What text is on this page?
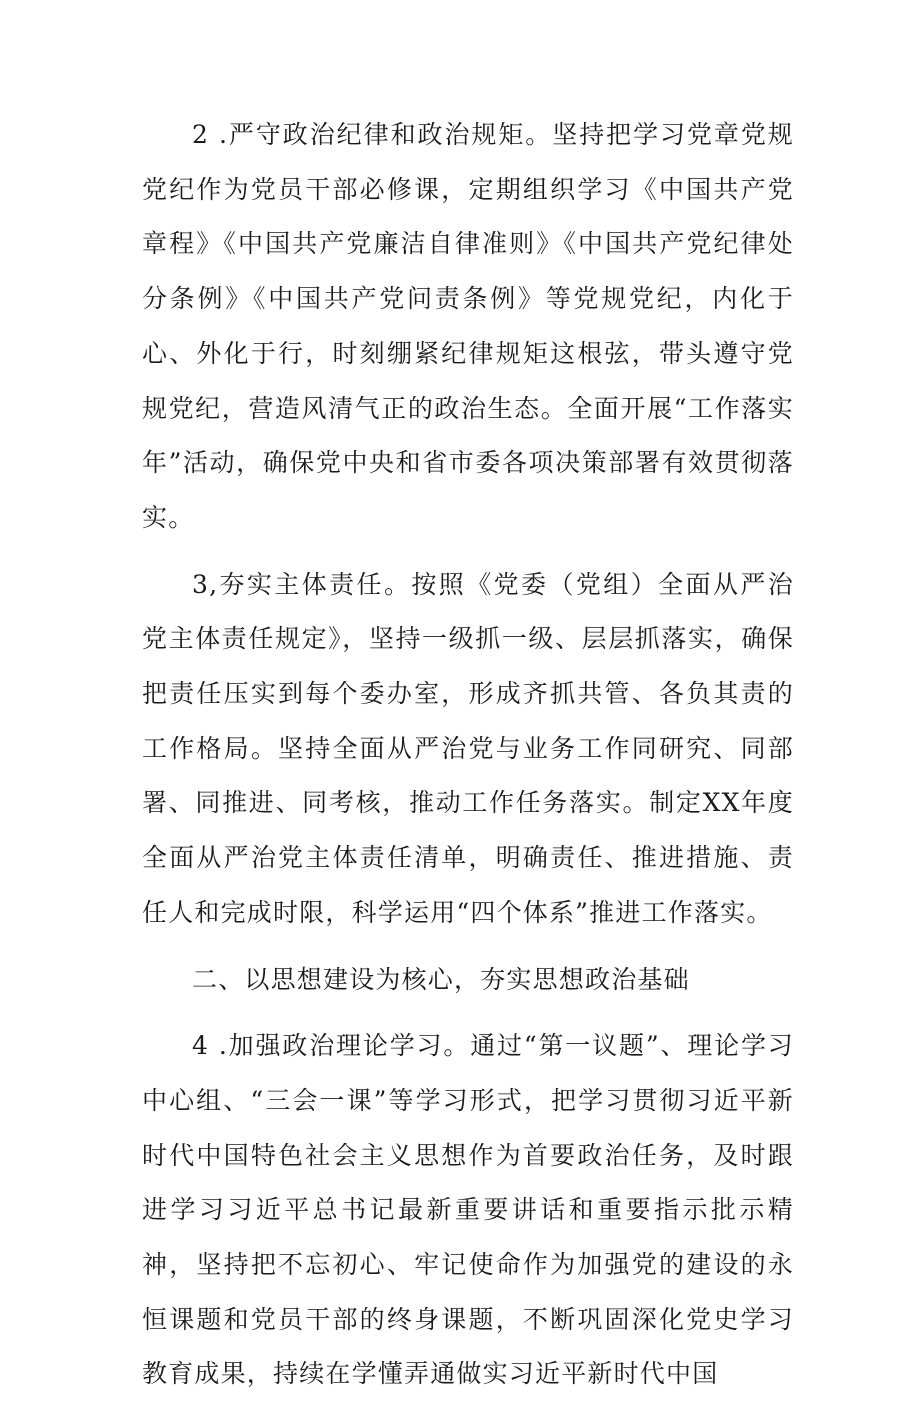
2 .严守政治纪律和政治规矩。坚持把学习党章党规党纪作为党员干部必修课，定期组织学习《中国共产党章程》《中国共产党廉洁自律准则》《中国共产党纪律处分条例》《中国共产党问责条例》等党规党纪，内化于心、外化于行，时刻绷紧纪律规矩这根弦，带头遵守党规党纪，营造风清气正的政治生态。全面开展“工作落实年”活动，确保党中央和省市委各项决策部署有效贯彻落实。

3,夯实主体责任。按照《党委（党组）全面从严治党主体责任规定》，坚持一级抓一级、层层抓落实，确保把责任压实到每个委办室，形成齐抓共管、各负其责的工作格局。坚持全面从严治党与业务工作同研究、同部署、同推进、同考核，推动工作任务落实。制定XX年度全面从严治党主体责任清单，明确责任、推进措施、责任人和完成时限，科学运用“四个体系”推进工作落实。

二、以思想建设为核心，夯实思想政治基础

4 .加强政治理论学习。通过“第一议题”、理论学习中心组、“三会一课”等学习形式，把学习贯彻习近平新时代中国特色社会主义思想作为首要政治任务，及时跟进学习习近平总书记最新重要讲话和重要指示批示精神，坚持把不忘初心、牢记使命作为加强党的建设的永恒课题和党员干部的终身课题，不断巩固深化党史学习教育成果，持续在学懂弄通做实习近平新时代中国
